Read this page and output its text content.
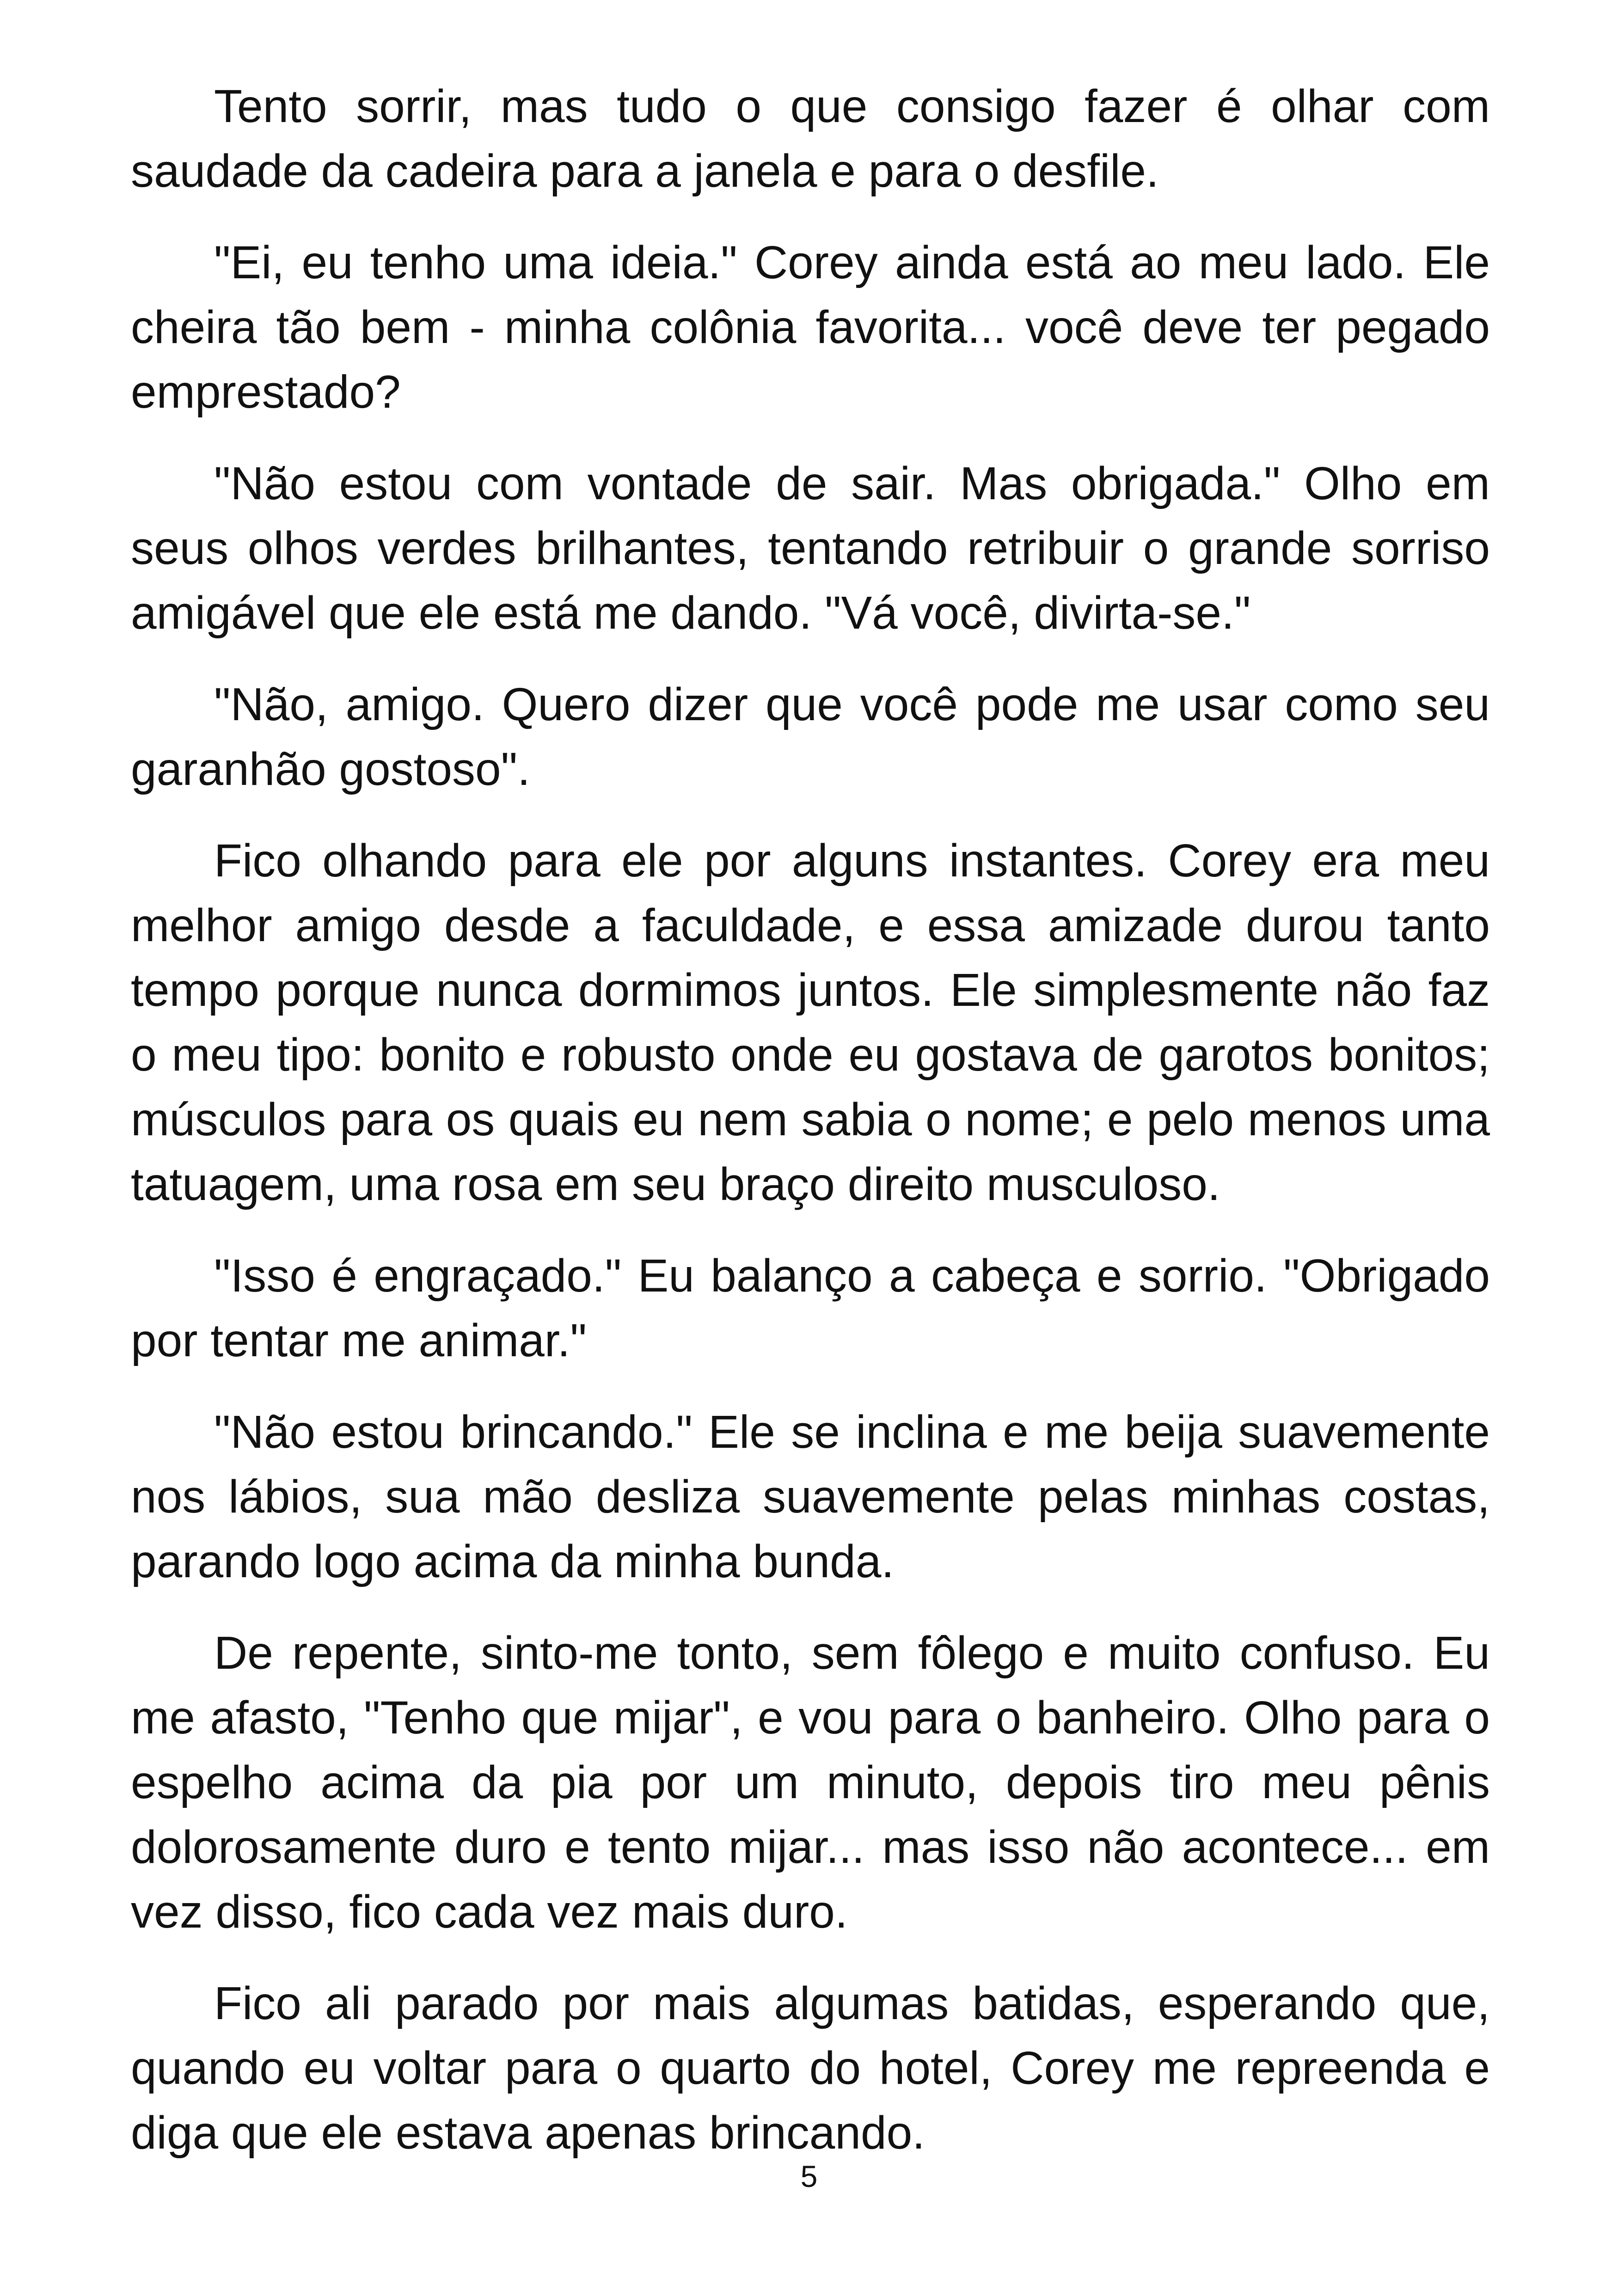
Tento sorrir, mas tudo o que consigo fazer é olhar com saudade da cadeira para a janela e para o desfile.

"Ei, eu tenho uma ideia." Corey ainda está ao meu lado. Ele cheira tão bem - minha colônia favorita... você deve ter pegado emprestado?

"Não estou com vontade de sair. Mas obrigada." Olho em seus olhos verdes brilhantes, tentando retribuir o grande sorriso amigável que ele está me dando. "Vá você, divirta-se."

"Não, amigo. Quero dizer que você pode me usar como seu garanhão gostoso".

Fico olhando para ele por alguns instantes. Corey era meu melhor amigo desde a faculdade, e essa amizade durou tanto tempo porque nunca dormimos juntos. Ele simplesmente não faz o meu tipo: bonito e robusto onde eu gostava de garotos bonitos; músculos para os quais eu nem sabia o nome; e pelo menos uma tatuagem, uma rosa em seu braço direito musculoso.

"Isso é engraçado." Eu balanço a cabeça e sorrio. "Obrigado por tentar me animar."

"Não estou brincando." Ele se inclina e me beija suavemente nos lábios, sua mão desliza suavemente pelas minhas costas, parando logo acima da minha bunda.

De repente, sinto-me tonto, sem fôlego e muito confuso. Eu me afasto, "Tenho que mijar", e vou para o banheiro. Olho para o espelho acima da pia por um minuto, depois tiro meu pênis dolorosamente duro e tento mijar... mas isso não acontece... em vez disso, fico cada vez mais duro.

Fico ali parado por mais algumas batidas, esperando que, quando eu voltar para o quarto do hotel, Corey me repreenda e diga que ele estava apenas brincando.

5
